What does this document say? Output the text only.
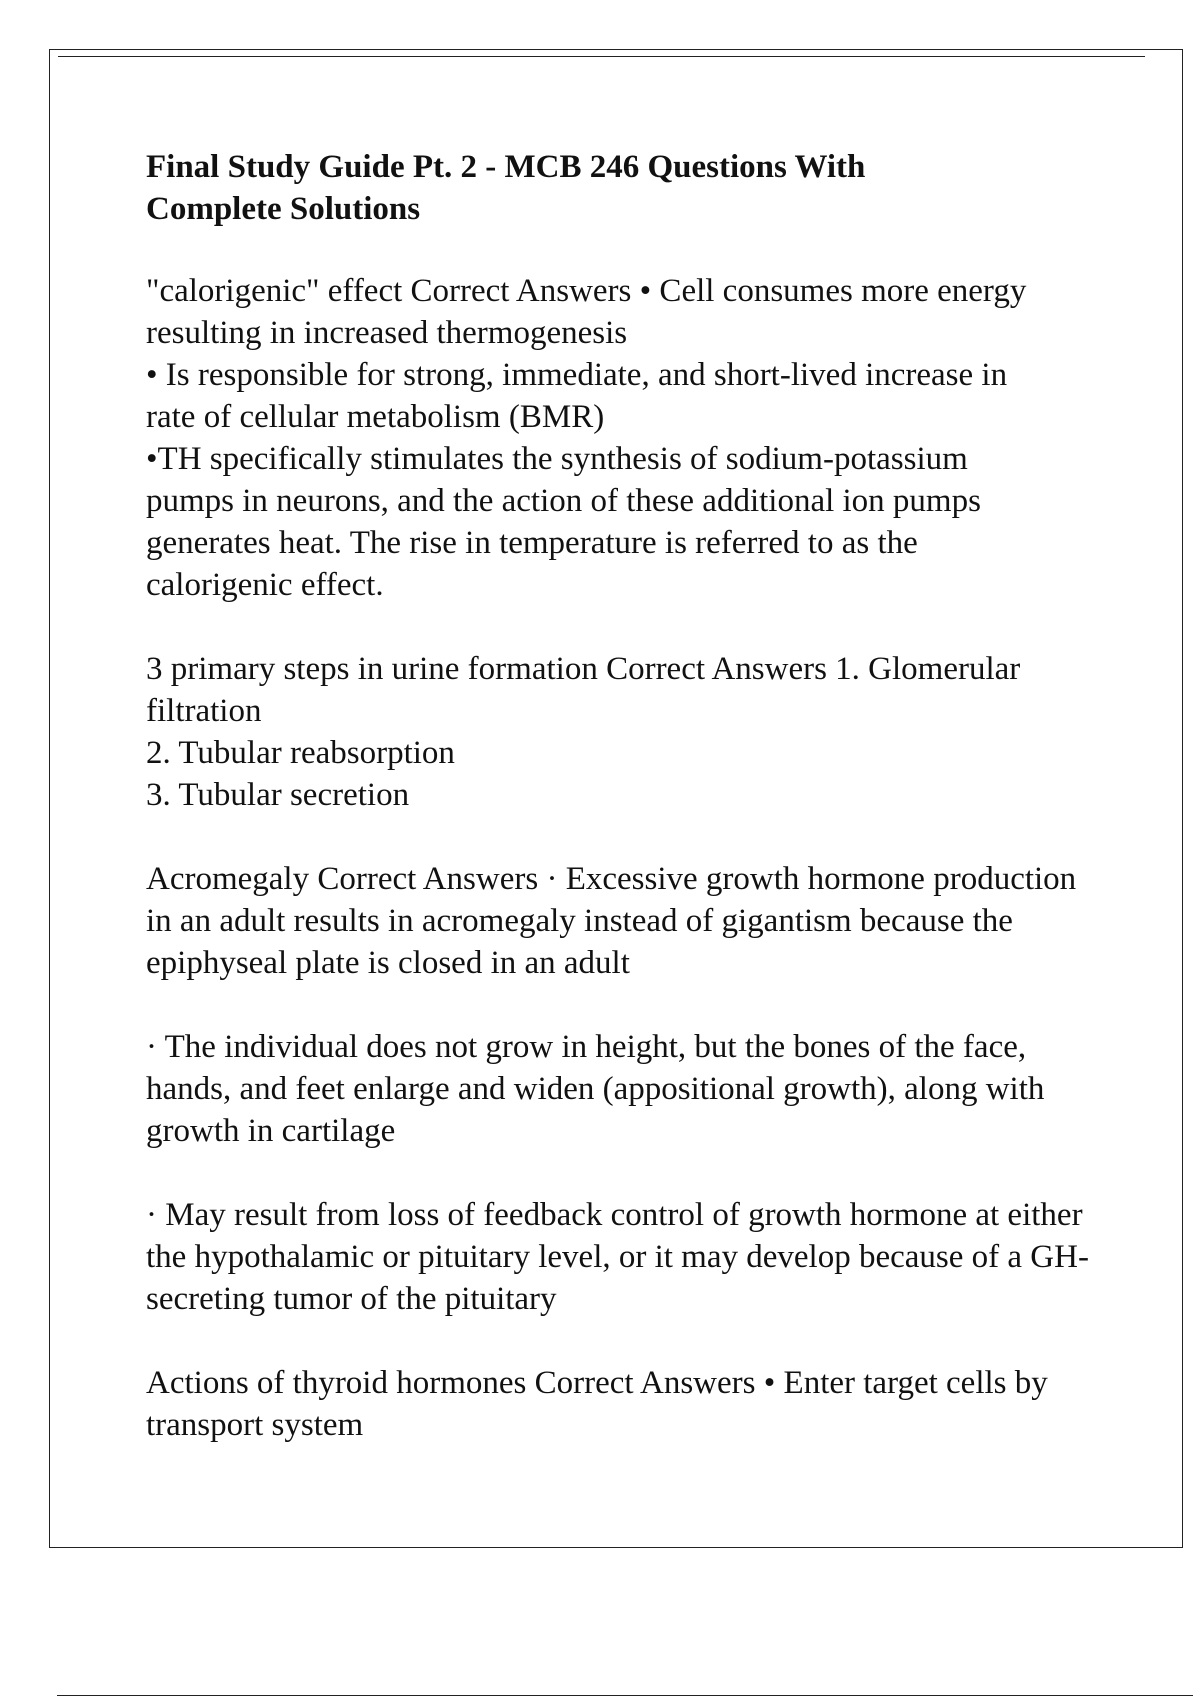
Final Study Guide Pt. 2 - MCB 246 Questions With Complete Solutions

"calorigenic" effect Correct Answers • Cell consumes more energy resulting in increased thermogenesis

• Is responsible for strong, immediate, and short-lived increase in rate of cellular metabolism (BMR)

•TH specifically stimulates the synthesis of sodium-potassium pumps in neurons, and the action of these additional ion pumps generates heat. The rise in temperature is referred to as the calorigenic effect.

3 primary steps in urine formation Correct Answers 1. Glomerular filtration

2. Tubular reabsorption

3. Tubular secretion

Acromegaly Correct Answers · Excessive growth hormone production in an adult results in acromegaly instead of gigantism because the epiphyseal plate is closed in an adult

· The individual does not grow in height, but the bones of the face, hands, and feet enlarge and widen (appositional growth), along with growth in cartilage

· May result from loss of feedback control of growth hormone at either the hypothalamic or pituitary level, or it may develop because of a GH-secreting tumor of the pituitary

Actions of thyroid hormones Correct Answers • Enter target cells by transport system
